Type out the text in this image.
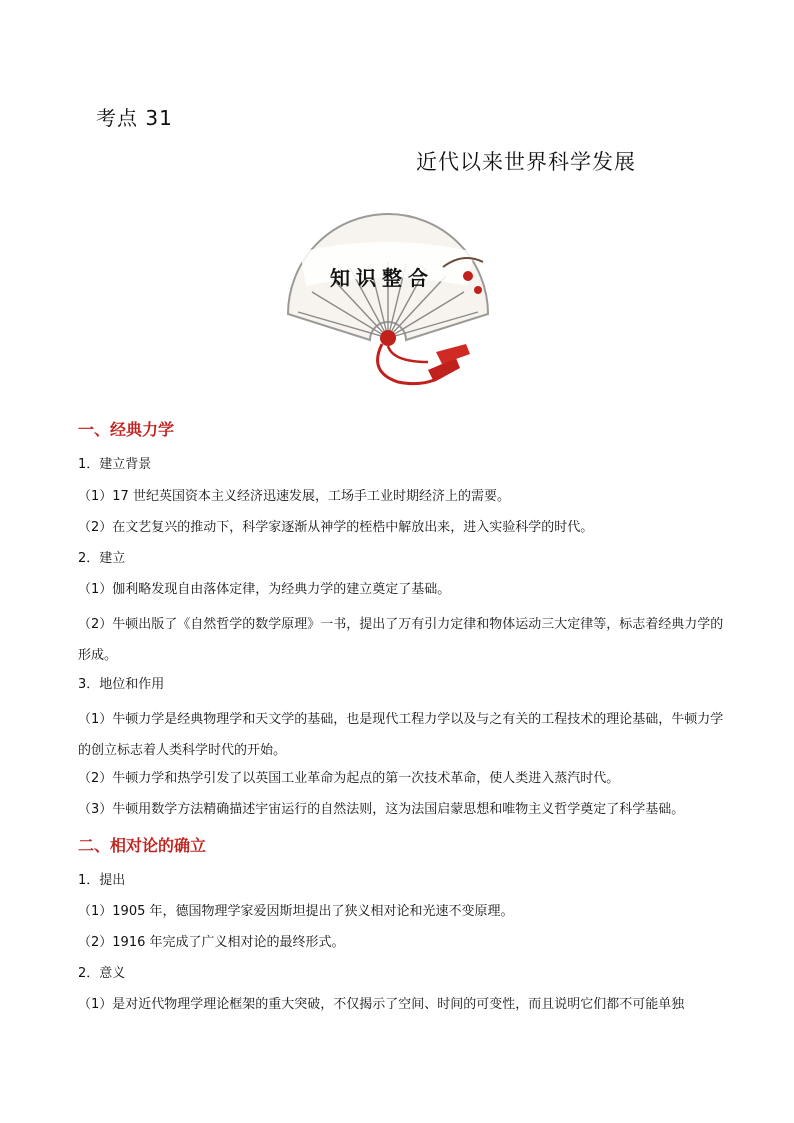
考点 31
近代以来世界科学发展
知识整合
一、经典力学
1．建立背景
（1）17 世纪英国资本主义经济迅速发展，工场手工业时期经济上的需要。
（2）在文艺复兴的推动下，科学家逐渐从神学的桎梏中解放出来，进入实验科学的时代。
2．建立
（1）伽利略发现自由落体定律，为经典力学的建立奠定了基础。
（2）牛顿出版了《自然哲学的数学原理》一书，提出了万有引力定律和物体运动三大定律等，标志着经典力学的形成。
3．地位和作用
（1）牛顿力学是经典物理学和天文学的基础，也是现代工程力学以及与之有关的工程技术的理论基础，牛顿力学的创立标志着人类科学时代的开始。
（2）牛顿力学和热学引发了以英国工业革命为起点的第一次技术革命，使人类进入蒸汽时代。
（3）牛顿用数学方法精确描述宇宙运行的自然法则，这为法国启蒙思想和唯物主义哲学奠定了科学基础。
二、相对论的确立
1．提出
（1）1905 年，德国物理学家爱因斯坦提出了狭义相对论和光速不变原理。
（2）1916 年完成了广义相对论的最终形式。
2．意义
（1）是对近代物理学理论框架的重大突破，不仅揭示了空间、时间的可变性，而且说明它们都不可能单独
